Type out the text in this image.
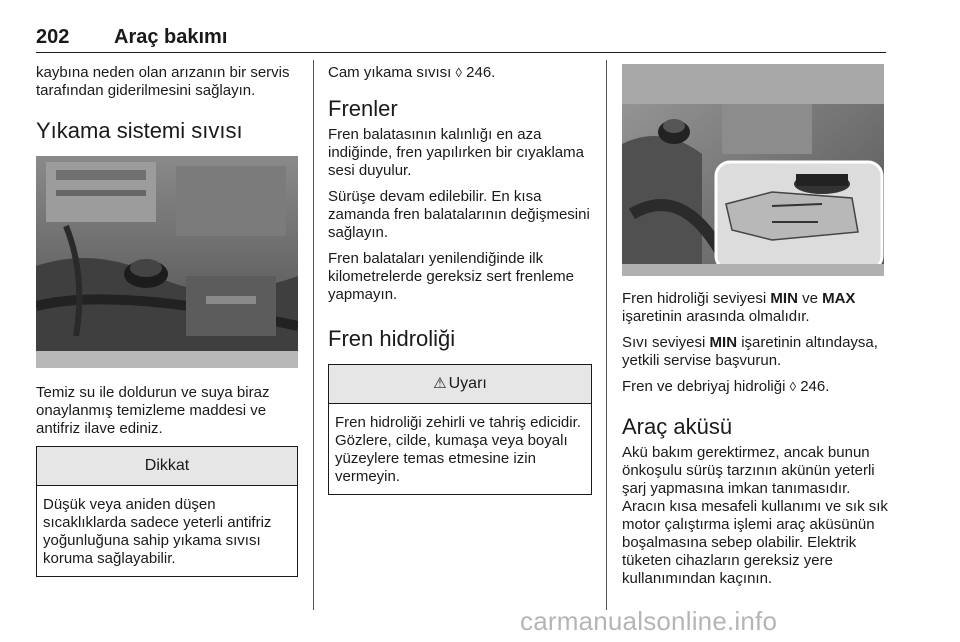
202 Araç bakımı

kaybına neden olan arızanın bir servis tarafından giderilmesini sağlayın.

Yıkama sistemi sıvısı

Temiz su ile doldurun ve suya biraz onaylanmış temizleme maddesi ve antifriz ilave ediniz.

Dikkat
Düşük veya aniden düşen sıcaklıklarda sadece yeterli antifriz yoğunluğuna sahip yıkama sıvısı koruma sağlayabilir.

Cam yıkama sıvısı ◊ 246.

Frenler

Fren balatasının kalınlığı en aza indiğinde, fren yapılırken bir cıyaklama sesi duyulur.

Sürüşe devam edilebilir. En kısa zamanda fren balatalarının değişmesini sağlayın.

Fren balataları yenilendiğinde ilk kilometrelerde gereksiz sert frenleme yapmayın.

Fren hidroliği
⚠ Uyarı
Fren hidroliği zehirli ve tahriş edicidir. Gözlere, cilde, kumaşa veya boyalı yüzeylere temas etmesine izin vermeyin.

Fren hidroliği seviyesi MIN ve MAX işaretinin arasında olmalıdır.

Sıvı seviyesi MIN işaretinin altındaysa, yetkili servise başvurun.

Fren ve debriyaj hidroliği ◊ 246.

Araç aküsü

Akü bakım gerektirmez, ancak bunun önkoşulu sürüş tarzının akünün yeterli şarj yapmasına imkan tanımasıdır. Aracın kısa mesafeli kullanımı ve sık sık motor çalıştırma işlemi araç aküsünün boşalmasına sebep olabilir. Elektrik tüketen cihazların gereksiz yere kullanımından kaçının.

carmanualsonline.info
